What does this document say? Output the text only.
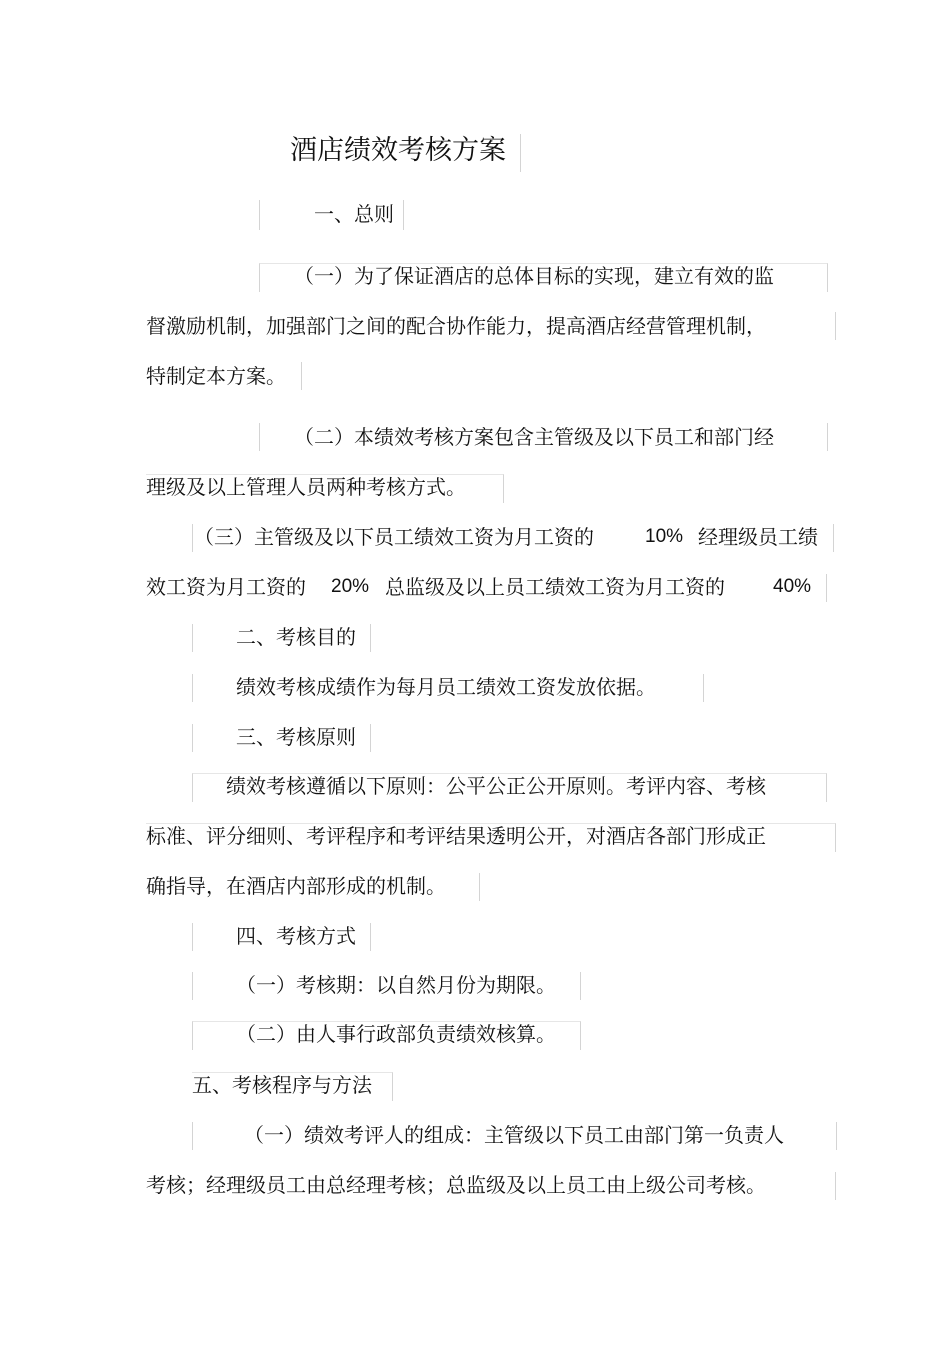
酒店绩效考核方案
一、总则
（一）为了保证酒店的总体目标的实现，建立有效的监
督激励机制，加强部门之间的配合协作能力，提高酒店经营管理机制，
特制定本方案。
（二）本绩效考核方案包含主管级及以下员工和部门经
理级及以上管理人员两种考核方式。
（三）主管级及以下员工绩效工资为月工资的	10% 经理级员工绩
效工资为月工资的 20% 总监级及以上员工绩效工资为月工资的	40%
二、考核目的
绩效考核成绩作为每月员工绩效工资发放依据。
三、考核原则
绩效考核遵循以下原则：公平公正公开原则。考评内容、考核
标准、评分细则、考评程序和考评结果透明公开，对酒店各部门形成正
确指导，在酒店内部形成的机制。
四、考核方式
（一）考核期：以自然月份为期限。
（二）由人事行政部负责绩效核算。
五、考核程序与方法
（一）绩效考评人的组成：主管级以下员工由部门第一负责人
考核；经理级员工由总经理考核；总监级及以上员工由上级公司考核。
